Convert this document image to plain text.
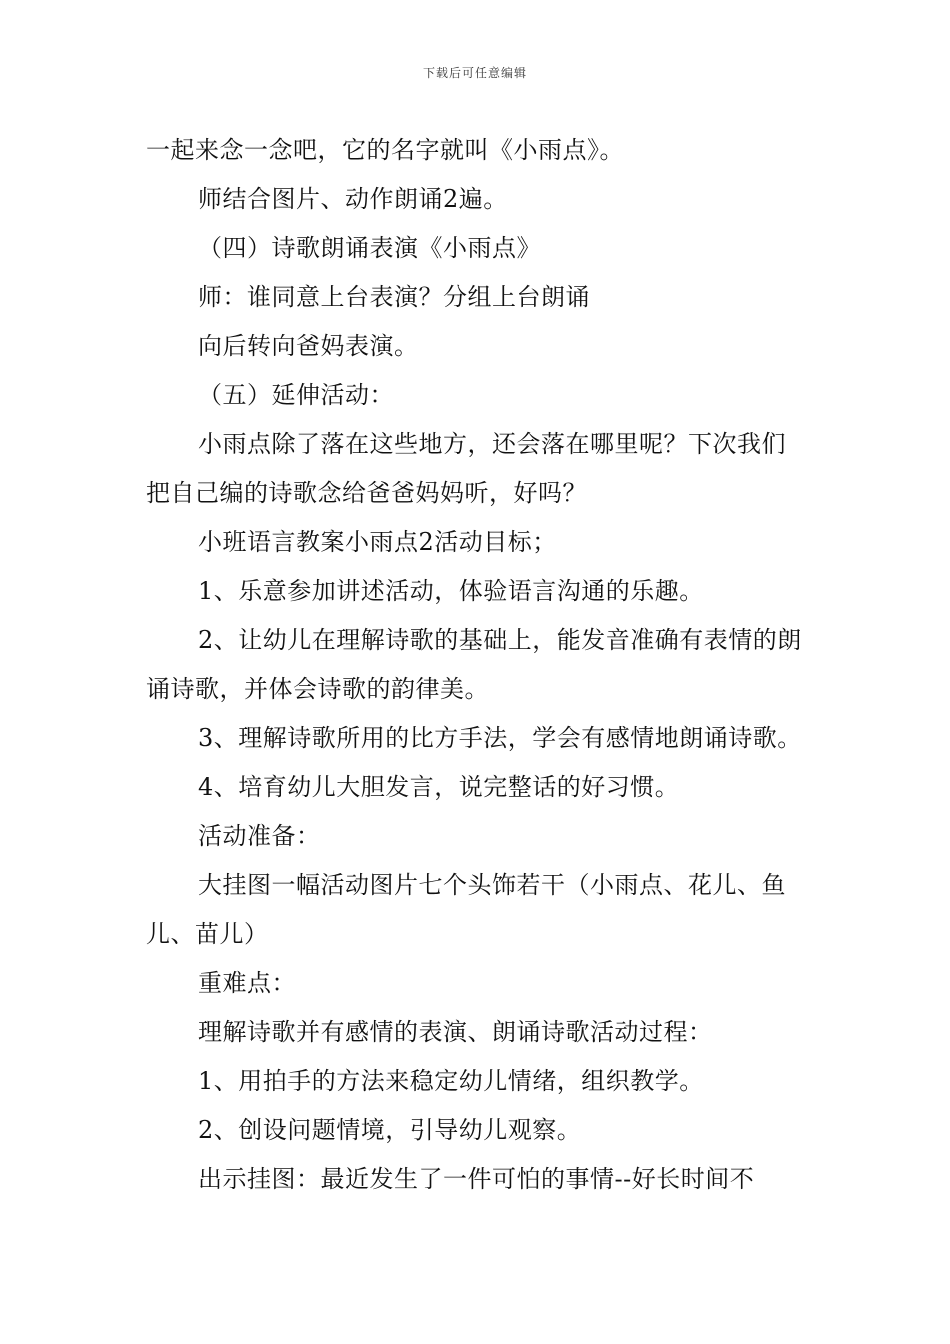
下载后可任意编辑

一起来念一念吧，它的名字就叫《小雨点》。

师结合图片、动作朗诵2遍。

（四）诗歌朗诵表演《小雨点》

师：谁同意上台表演？分组上台朗诵

向后转向爸妈表演。

（五）延伸活动：

小雨点除了落在这些地方，还会落在哪里呢？下次我们把自己编的诗歌念给爸爸妈妈听，好吗？

小班语言教案小雨点2活动目标；

1、乐意参加讲述活动，体验语言沟通的乐趣。

2、让幼儿在理解诗歌的基础上，能发音准确有表情的朗诵诗歌，并体会诗歌的韵律美。

3、理解诗歌所用的比方手法，学会有感情地朗诵诗歌。

4、培育幼儿大胆发言，说完整话的好习惯。

活动准备：

大挂图一幅活动图片七个头饰若干（小雨点、花儿、鱼儿、苗儿）

重难点：

理解诗歌并有感情的表演、朗诵诗歌活动过程：

1、用拍手的方法来稳定幼儿情绪，组织教学。

2、创设问题情境，引导幼儿观察。

出示挂图：最近发生了一件可怕的事情--好长时间不
